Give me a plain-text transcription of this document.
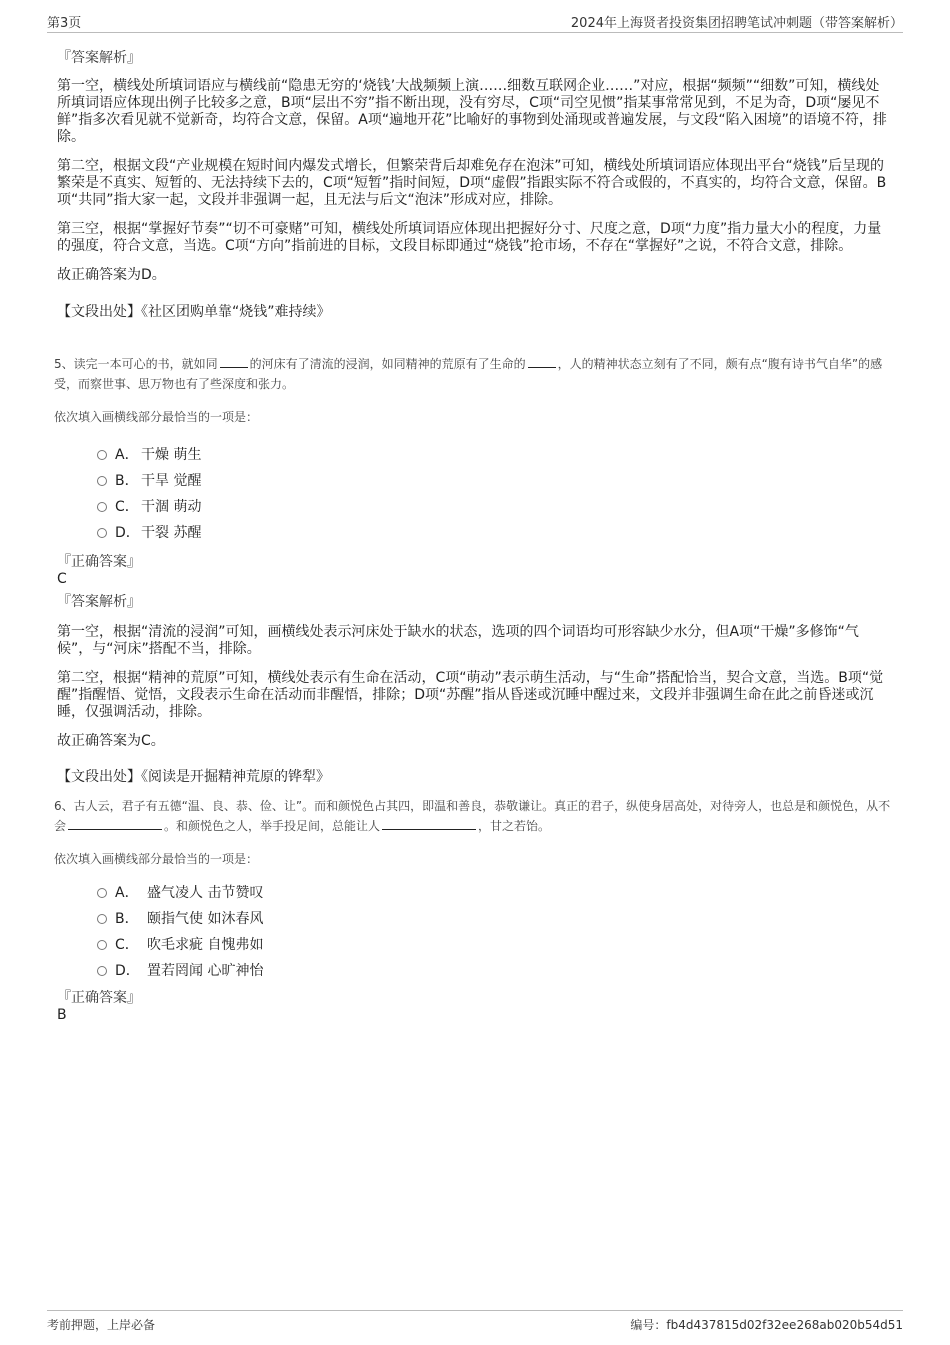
第3页	2024年上海贤者投资集团招聘笔试冲刺题（带答案解析）

『答案解析』

第一空，横线处所填词语应与横线前“隐患无穷的‘烧钱’大战频频上演……细数互联网企业……”对应，根据“频频”“细数”可知，横线处所填词语应体现出例子比较多之意，B项“层出不穷”指不断出现，没有穷尽，C项“司空见惯”指某事常常见到，不足为奇，D项“屡见不鲜”指多次看见就不觉新奇，均符合文意，保留。A项“遍地开花”比喻好的事物到处涌现或普遍发展，与文段“陷入困境”的语境不符，排除。

第二空，根据文段“产业规模在短时间内爆发式增长，但繁荣背后却难免存在泡沫”可知，横线处所填词语应体现出平台“烧钱”后呈现的繁荣是不真实、短暂的、无法持续下去的，C项“短暂”指时间短，D项“虚假”指跟实际不符合或假的，不真实的，均符合文意，保留。B项“共同”指大家一起，文段并非强调一起，且无法与后文“泡沫”形成对应，排除。

第三空，根据“掌握好节奏”“切不可豪赌”可知，横线处所填词语应体现出把握好分寸、尺度之意，D项“力度”指力量大小的程度，力量的强度，符合文意，当选。C项“方向”指前进的目标，文段目标即通过“烧钱”抢市场，不存在“掌握好”之说，不符合文意，排除。

故正确答案为D。

【文段出处】《社区团购单靠“烧钱”难持续》

5、读完一本可心的书，就如同	的河床有了清流的浸润，如同精神的荒原有了生命的	，人的精神状态立刻有了不同，颇有点“腹有诗书气自华”的感受，而察世事、思万物也有了些深度和张力。

依次填入画横线部分最恰当的一项是：

A． 干燥 萌生
B． 干旱 觉醒
C． 干涸 萌动
D． 干裂 苏醒

『正确答案』

C

『答案解析』

第一空，根据“清流的浸润”可知，画横线处表示河床处于缺水的状态，选项的四个词语均可形容缺少水分，但A项“干燥”多修饰“气候”，与“河床”搭配不当，排除。

第二空，根据“精神的荒原”可知，横线处表示有生命在活动，C项“萌动”表示萌生活动，与“生命”搭配恰当，契合文意，当选。B项“觉醒”指醒悟、觉悟，文段表示生命在活动而非醒悟，排除；D项“苏醒”指从昏迷或沉睡中醒过来，文段并非强调生命在此之前昏迷或沉睡，仅强调活动，排除。

故正确答案为C。

【文段出处】《阅读是开掘精神荒原的铧犁》

6、古人云，君子有五德“温、良、恭、俭、让”。而和颜悦色占其四，即温和善良，恭敬谦让。真正的君子，纵使身居高处，对待旁人，也总是和颜悦色，从不会	。和颜悦色之人，举手投足间，总能让人	，甘之若饴。

依次填入画横线部分最恰当的一项是：

A． 盛气凌人 击节赞叹
B． 颐指气使 如沐春风
C． 吹毛求疵 自愧弗如
D． 置若罔闻 心旷神怡

『正确答案』

B

考前押题，上岸必备	编号：fb4d437815d02f32ee268ab020b54d51
